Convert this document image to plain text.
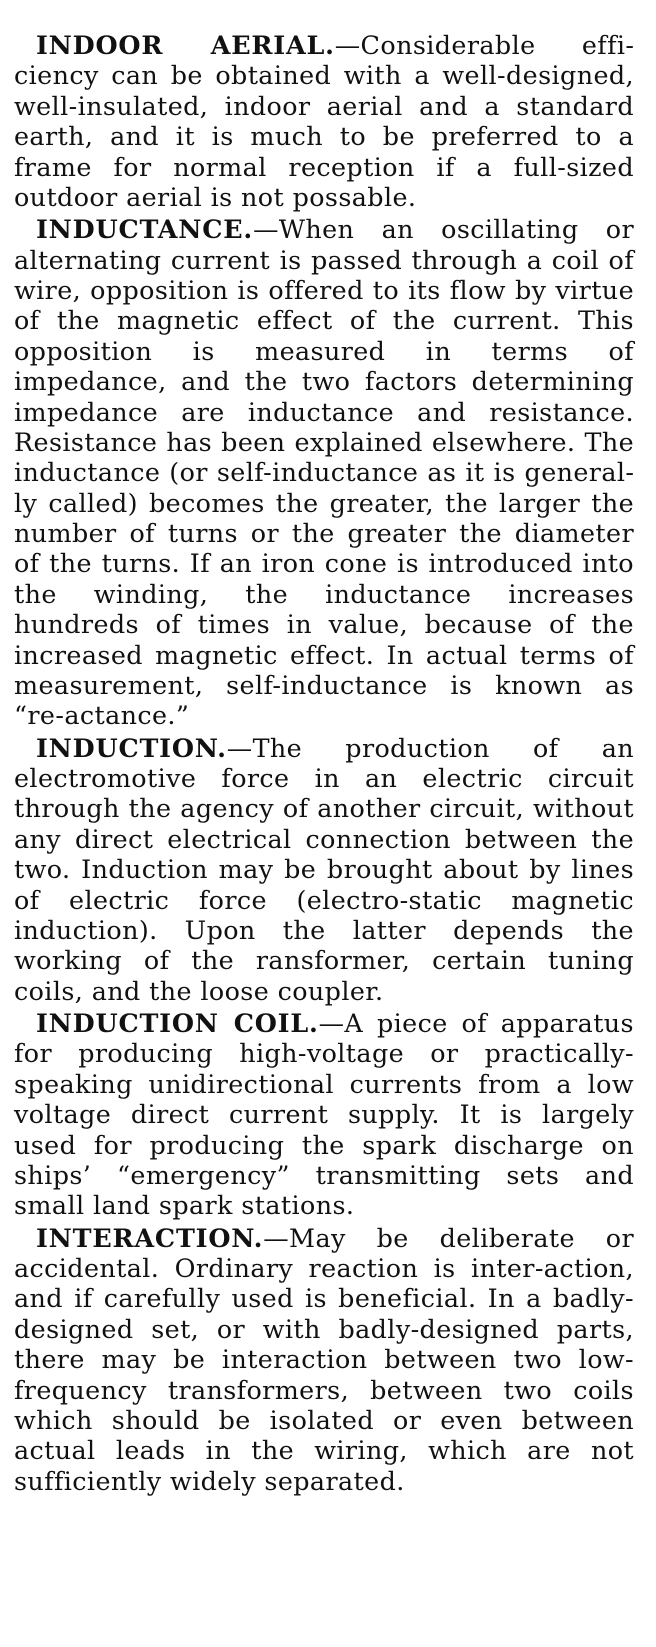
INDOOR AERIAL.—Considerable efficiency can be obtained with a well-designed, well-insulated, indoor aerial and a standard earth, and it is much to be preferred to a frame for normal reception if a full-sized outdoor aerial is not possable.

INDUCTANCE.—When an oscillating or alternating current is passed through a coil of wire, opposition is offered to its flow by virtue of the magnetic effect of the current. This opposition is measured in terms of impedance, and the two factors determining impedance are inductance and resistance. Resistance has been explained elsewhere. The inductance (or self-inductance as it is generally called) becomes the greater, the larger the number of turns or the greater the diameter of the turns. If an iron cone is introduced into the winding, the inductance increases hundreds of times in value, because of the increased magnetic effect. In actual terms of measurement, self-inductance is known as “re-actance.”

INDUCTION.—The production of an electromotive force in an electric circuit through the agency of another circuit, without any direct electrical connection between the two. Induction may be brought about by lines of electric force (electro-static magnetic induction). Upon the latter depends the working of the ransformer, certain tuning coils, and the loose coupler.

INDUCTION COIL.—A piece of apparatus for producing high-voltage or practically-speaking unidirectional currents from a low voltage direct current supply. It is largely used for producing the spark discharge on ships’ “emergency” transmitting sets and small land spark stations.

INTERACTION.—May be deliberate or accidental. Ordinary reaction is inter-action, and if carefully used is beneficial. In a badly-designed set, or with badly-designed parts, there may be interaction between two low-frequency transformers, between two coils which should be isolated or even between actual leads in the wiring, which are not sufficiently widely separated.
